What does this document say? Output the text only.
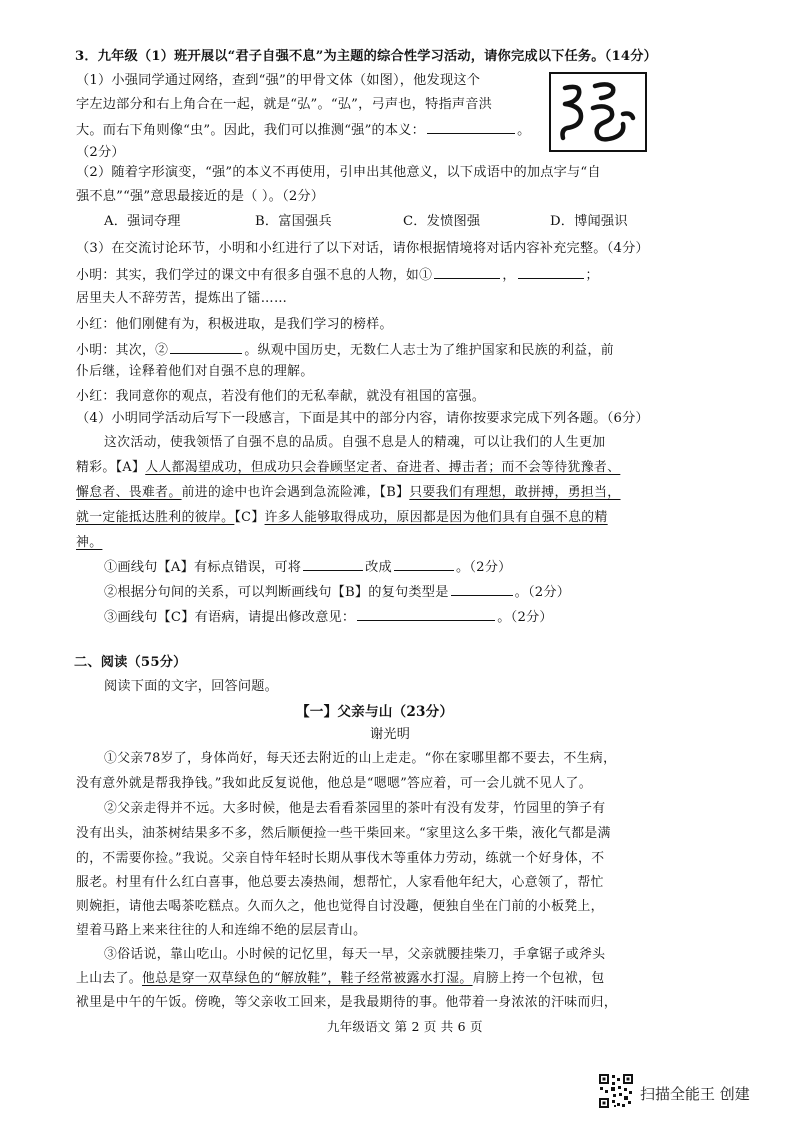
3．九年级（1）班开展以“君子自强不息”为主题的综合性学习活动，请你完成以下任务。（14分）
（1）小强同学通过网络，查到“强”的甲骨文体（如图），他发现这个
字左边部分和右上角合在一起，就是“弘”。“弘”，弓声也，特指声音洪
大。而右下角则像“虫”。因此，我们可以推测“强”的本义：	。
（2分）
（2）随着字形演变，“强”的本义不再使用，引申出其他意义，以下成语中的加点字与“自
强不息”“强”意思最接近的是（ ）。（2分）
A．强词夺理	B．富国强兵	C．发愤图强	D．博闻强识
（3）在交流讨论环节，小明和小红进行了以下对话，请你根据情境将对话内容补充完整。（4分）
小明：其实，我们学过的课文中有很多自强不息的人物，如①	，	；
居里夫人不辞劳苦，提炼出了镭……
小红：他们刚健有为，积极进取，是我们学习的榜样。
小明：其次，②	。纵观中国历史，无数仁人志士为了维护国家和民族的利益，前
仆后继，诠释着他们对自强不息的理解。
小红：我同意你的观点，若没有他们的无私奉献，就没有祖国的富强。
（4）小明同学活动后写下一段感言，下面是其中的部分内容，请你按要求完成下列各题。（6分）
这次活动，使我领悟了自强不息的品质。自强不息是人的精魂，可以让我们的人生更加
精彩。【A】人人都渴望成功，但成功只会眷顾坚定者、奋进者、搏击者；而不会等待犹豫者、
懈怠者、畏难者。前进的途中也许会遇到急流险滩，【B】只要我们有理想，敢拼搏，勇担当，
就一定能抵达胜利的彼岸。【C】许多人能够取得成功，原因都是因为他们具有自强不息的精
神。
①画线句【A】有标点错误，可将	改成	。（2分）
②根据分句间的关系，可以判断画线句【B】的复句类型是	。（2分）
③画线句【C】有语病，请提出修改意见：	。（2分）
二、阅读（55分）
阅读下面的文字，回答问题。
【一】父亲与山（23分）
谢光明
①父亲78岁了，身体尚好，每天还去附近的山上走走。“你在家哪里都不要去，不生病，
没有意外就是帮我挣钱。”我如此反复说他，他总是“嗯嗯”答应着，可一会儿就不见人了。
②父亲走得并不远。大多时候，他是去看看茶园里的茶叶有没有发芽，竹园里的笋子有
没有出头，油茶树结果多不多，然后顺便捡一些干柴回来。“家里这么多干柴，液化气都是满
的，不需要你捡。”我说。父亲自恃年轻时长期从事伐木等重体力劳动，练就一个好身体，不
服老。村里有什么红白喜事，他总要去凑热闹，想帮忙，人家看他年纪大，心意领了，帮忙
则婉拒，请他去喝茶吃糕点。久而久之，他也觉得自讨没趣，便独自坐在门前的小板凳上，
望着马路上来来往往的人和连绵不绝的层层青山。
③俗话说，靠山吃山。小时候的记忆里，每天一早，父亲就腰挂柴刀，手拿锯子或斧头
上山去了。他总是穿一双草绿色的“解放鞋”，鞋子经常被露水打湿。肩膀上挎一个包袱，包
袱里是中午的午饭。傍晚，等父亲收工回来，是我最期待的事。他带着一身浓浓的汗味而归，
九年级语文 第 2 页 共 6 页
扫描全能王 创建
